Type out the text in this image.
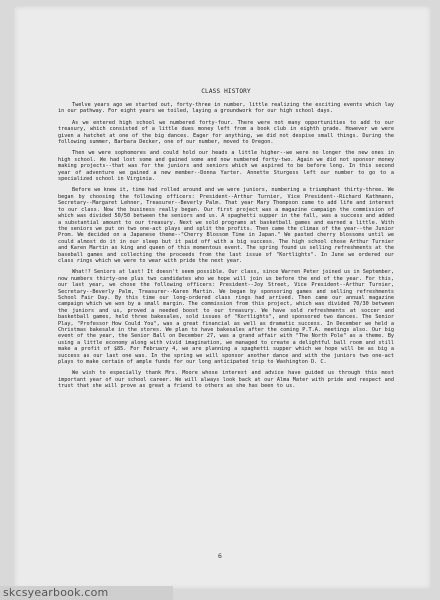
CLASS HISTORY

Twelve years ago we started out, forty-three in number, little realizing the exciting events which lay in our pathway. For eight years we toiled, laying a groundwork for our high school days.

As we entered high school we numbered forty-four. There were not many opportunities to add to our treasury, which consisted of a little dues money left from a book club in eighth grade. However we were given a hatchet at one of the big dances. Eager for anything, we did not despise small things. During the following summer, Barbara Decker, one of our number, moved to Oregon.

Then we were sophomores and could hold our heads a little higher--we were no longer the new ones in high school. We had lost some and gained some and now numbered forty-two. Again we did not sponsor money making projects--that was for the juniors and seniors which we aspired to be before long. In this second year of adventure we gained a new member--Donna Yarter. Annette Sturgess left our number to go to a specialized school in Virginia.

Before we knew it, time had rolled around and we were juniors, numbering a triumphant thirty-three. We began by choosing the following officers: President--Arthur Turnier, Vice President--Richard Kathmann, Secretary--Margaret Lehner, Treasurer--Beverly Palm. That year Mary Thompson came to add life and interest to our class. Now the business really began. Our first project was a magazine campaign the commission of which was divided 50/50 between the seniors and us. A spaghetti supper in the fall, was a success and added a substantial amount to our treasury. Next we sold programs at basketball games and earned a little. With the seniors we put on two one-act plays and split the profits. Then came the climax of the year--the Junior Prom. We decided on a Japanese theme--"Cherry Blossom Time in Japan." We pasted cherry blossoms until we could almost do it in our sleep but it paid off with a big success. The high school chose Arthur Turnier and Karen Martin as king and queen of this momentous event. The spring found us selling refreshments at the baseball games and collecting the proceeds from the last issue of "Kortlights". In June we ordered our class rings which we were to wear with pride the next year.

What!? Seniors at last! It doesn't seem possible. Our class, since Warren Peter joined us in September, now numbers thirty-one plus two candidates who we hope will join us before the end of the year. For this, our last year, we chose the following officers: President--Joy Street, Vice President--Arthur Turnier, Secretary--Beverly Palm, Treasurer--Karen Martin. We began by sponsoring games and selling refreshments School Fair Day. By this time our long-ordered class rings had arrived. Then came our annual magazine campaign which we won by a small margin. The commission from this project, which was divided 70/30 between the juniors and us, proved a needed boost to our treasury. We have sold refreshments at soccer and basketball games, held three bakesales, sold issues of "Kortlights", and sponsored two dances. The Senior Play, "Professor How Could You", was a great financial as well as dramatic success. In December we held a Christmas bakesale in the stores. We plan to have bakesales after the coming P.T.A. meetings also. Our big event of the year, the Senior Ball on December 27, was a grand affair with "The North Pole" as a theme. By using a little economy along with vivid imagination, we managed to create a delightful ball room and still make a profit of $85. For February 4, we are planning a spaghetti supper which we hope will be as big a success as our last one was. In the spring we will sponsor another dance and with the juniors two one-act plays to make certain of ample funds for our long anticipated trip to Washington D. C.

We wish to especially thank Mrs. Moore whose interest and advice have guided us through this most important year of our school career. We will always look back at our Alma Mater with pride and respect and trust that she will prove as great a friend to others as she has been to us.

6
skcsyearbook.com
